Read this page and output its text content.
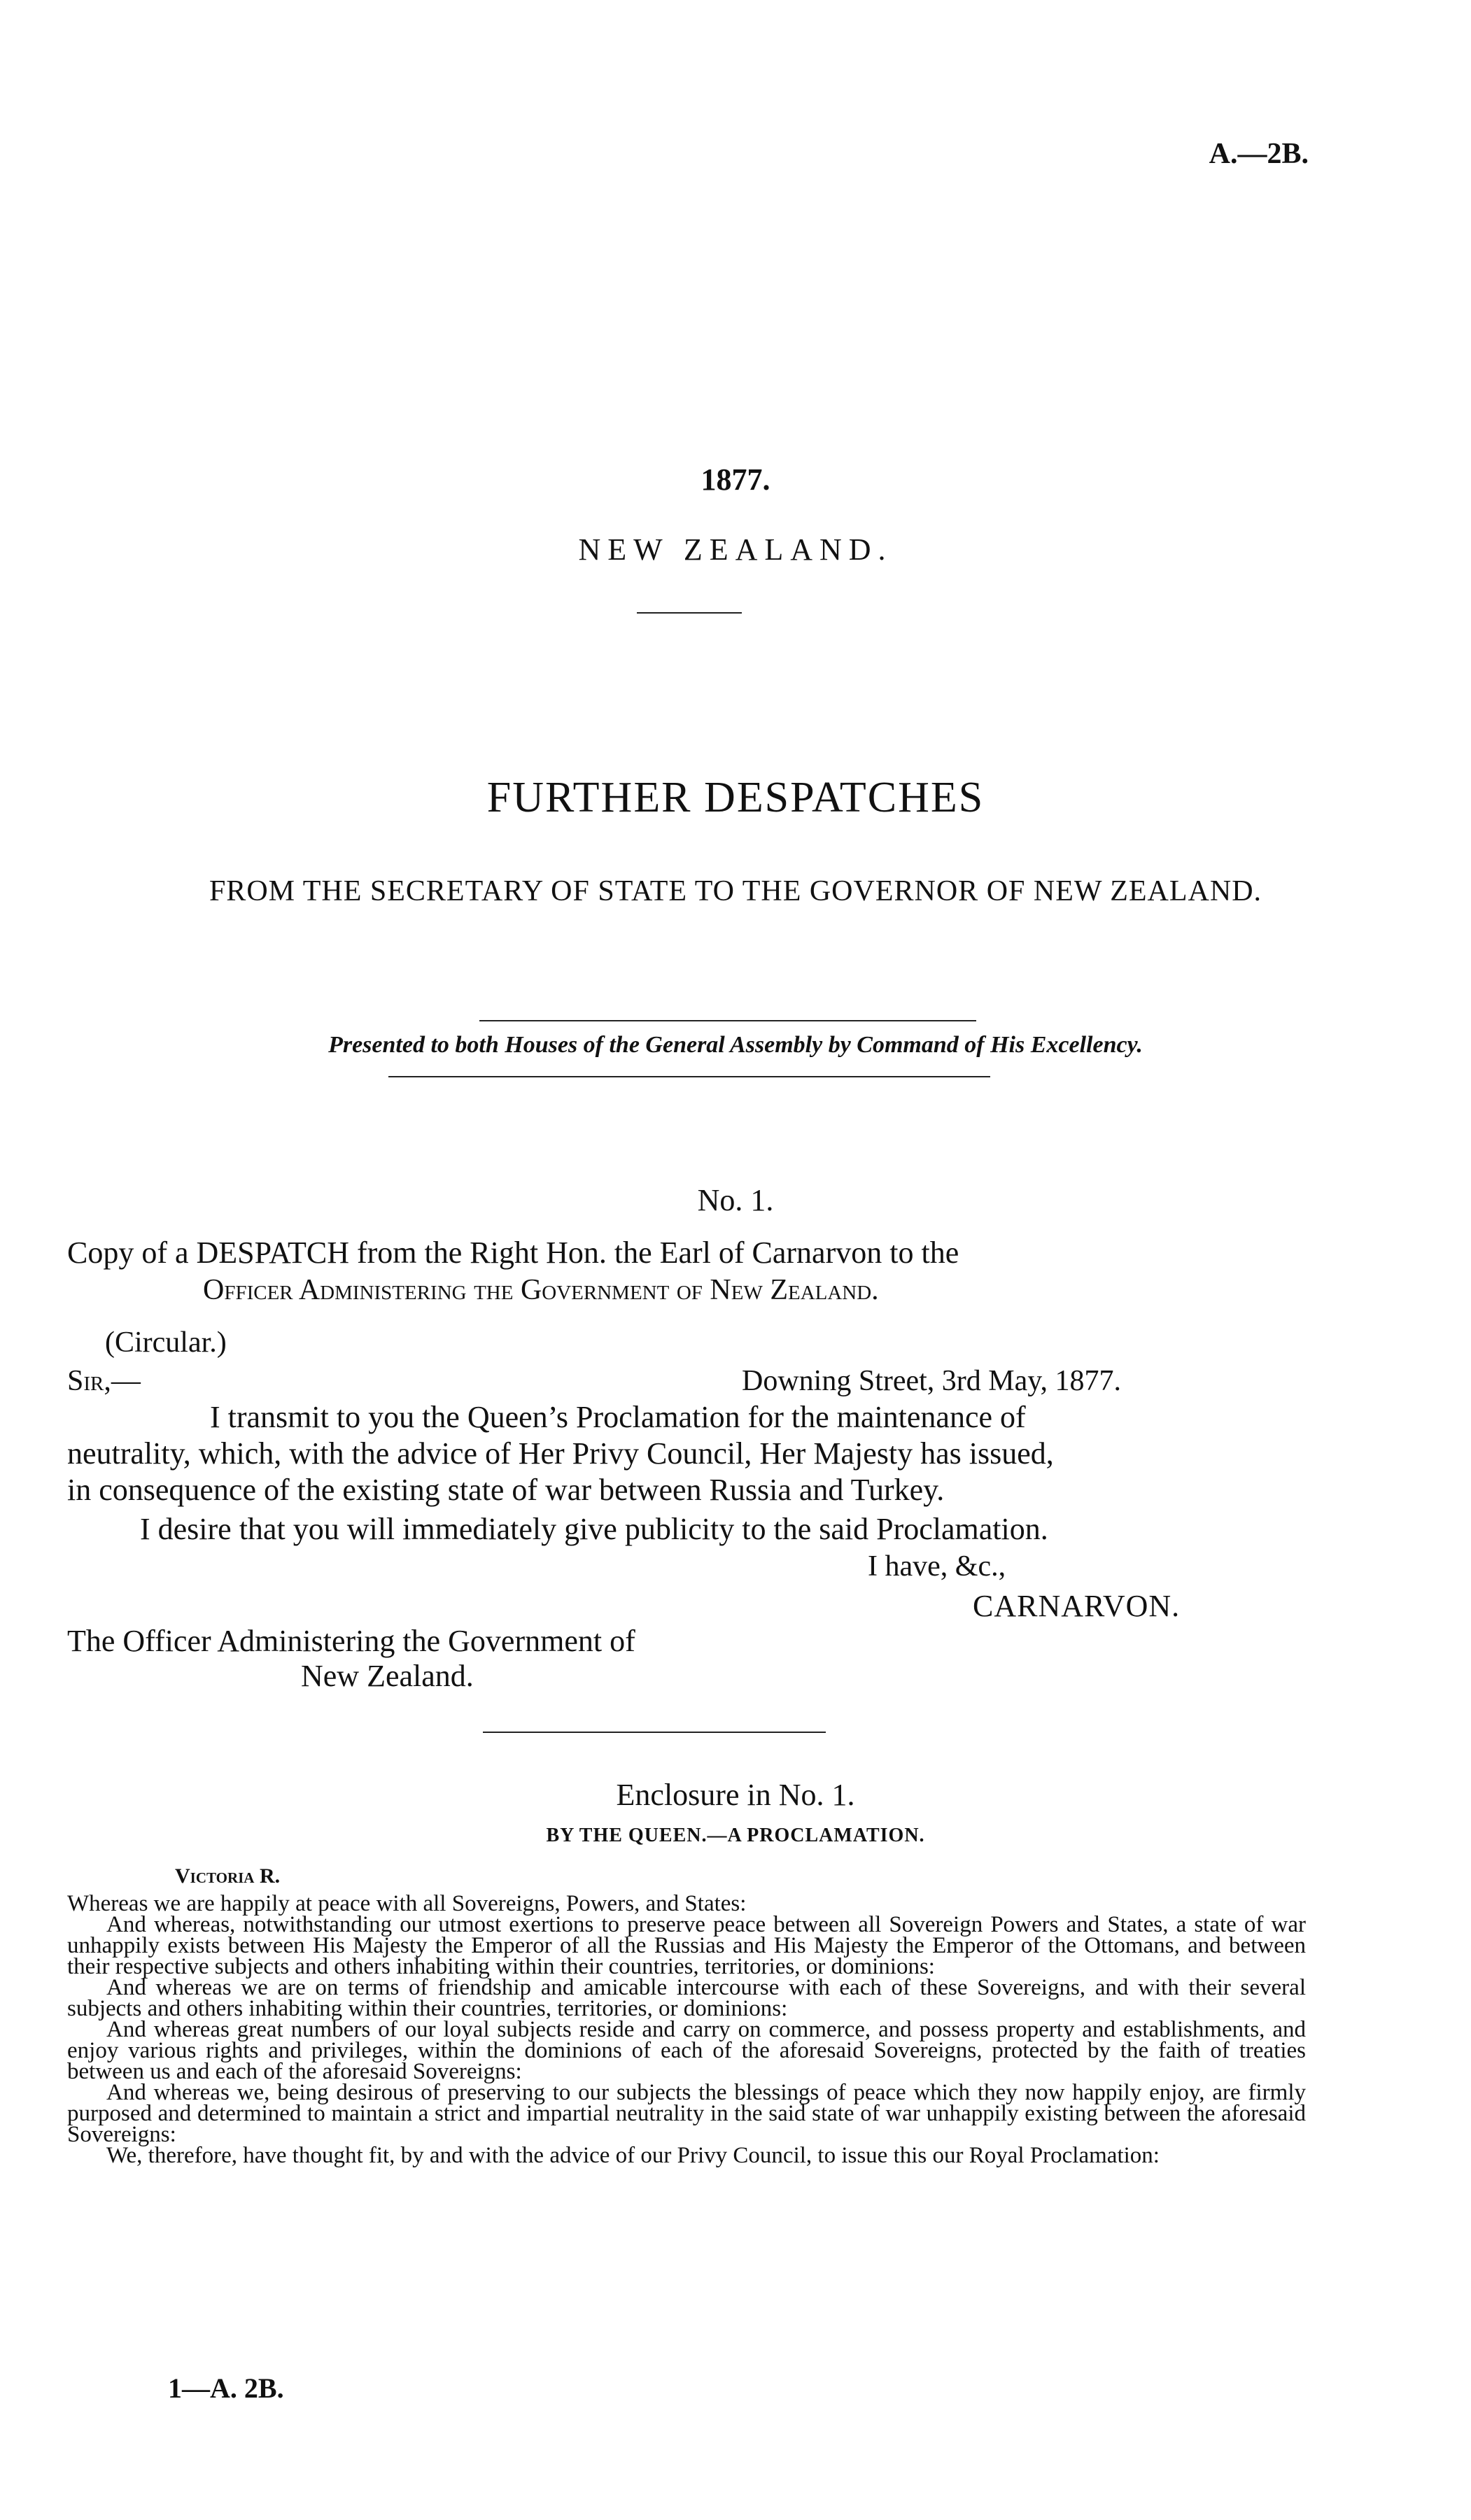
A.—2B.
1877.
NEW ZEALAND.
FURTHER DESPATCHES
FROM THE SECRETARY OF STATE TO THE GOVERNOR OF NEW ZEALAND.
Presented to both Houses of the General Assembly by Command of His Excellency.
No. 1.
Copy of a DESPATCH from the Right Hon. the Earl of Carnarvon to the
Officer Administering the Government of New Zealand.
(Circular.)
Sir,—	Downing Street, 3rd May, 1877.
I transmit to you the Queen’s Proclamation for the maintenance of
neutrality, which, with the advice of Her Privy Council, Her Majesty has issued,
in consequence of the existing state of war between Russia and Turkey.
I desire that you will immediately give publicity to the said Proclamation.
I have, &c.,
CARNARVON.
The Officer Administering the Government of
New Zealand.
Enclosure in No. 1.
BY THE QUEEN.—A PROCLAMATION.
Victoria R.

Whereas we are happily at peace with all Sovereigns, Powers, and States:

And whereas, notwithstanding our utmost exertions to preserve peace between all Sovereign Powers and States, a state of war unhappily exists between His Majesty the Emperor of all the Russias and His Majesty the Emperor of the Ottomans, and between their respective subjects and others inhabiting within their countries, territories, or dominions:

And whereas we are on terms of friendship and amicable intercourse with each of these Sovereigns, and with their several subjects and others inhabiting within their countries, territories, or dominions:

And whereas great numbers of our loyal subjects reside and carry on commerce, and possess property and establishments, and enjoy various rights and privileges, within the dominions of each of the aforesaid Sovereigns, protected by the faith of treaties between us and each of the aforesaid Sovereigns:

And whereas we, being desirous of preserving to our subjects the blessings of peace which they now happily enjoy, are firmly purposed and determined to maintain a strict and impartial neutrality in the said state of war unhappily existing between the aforesaid Sovereigns:

We, therefore, have thought fit, by and with the advice of our Privy Council, to issue this our Royal Proclamation:

1—A. 2B.
